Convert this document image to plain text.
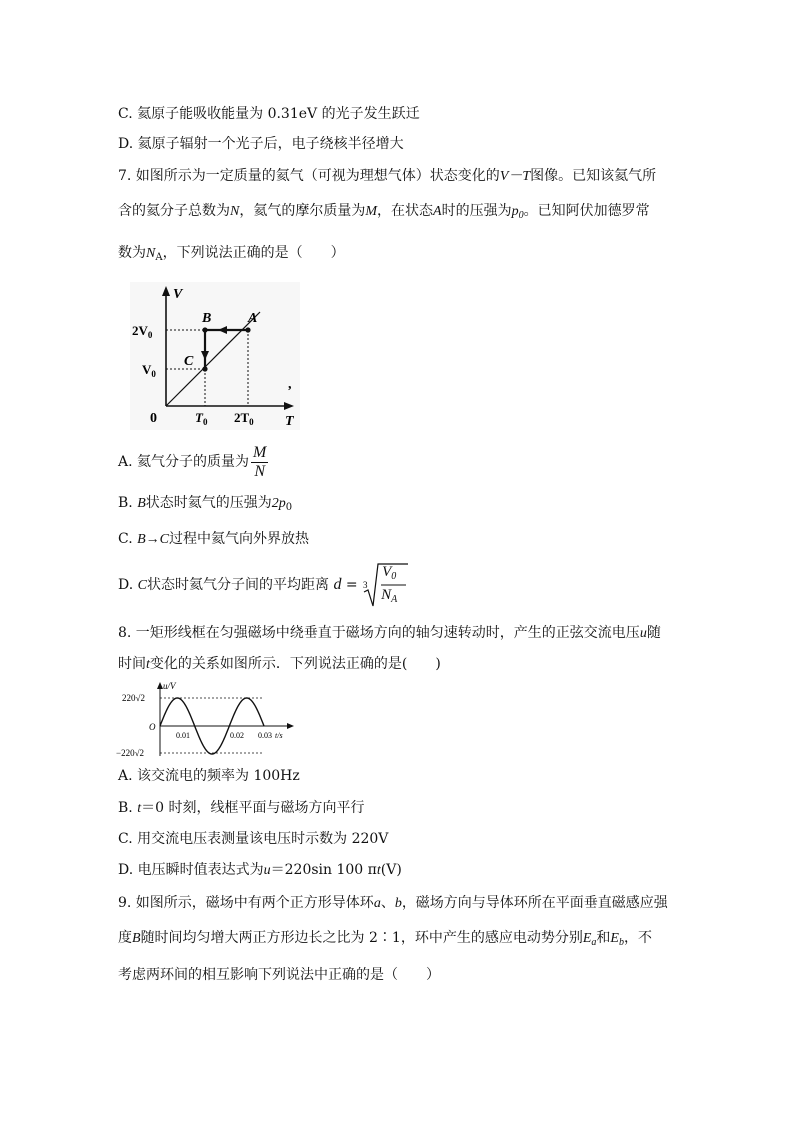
C. 氦原子能吸收能量为 0.31eV 的光子发生跃迁
D. 氦原子辐射一个光子后，电子绕核半径增大
7. 如图所示为一定质量的氦气（可视为理想气体）状态变化的V－T图像。已知该氦气所
含的氦分子总数为N，氦气的摩尔质量为M，在状态A时的压强为$p_0$。已知阿伏加德罗常
数为$N_A$，下列说法正确的是（　　）
V
T
0
$2V_0$
$V_0$
$T_0$ $2T_0$
A
B
C
,
A. 氦气分子的质量为 $\frac{M}{N}$
B. B状态时氦气的压强为$2p_0$
C. B→C过程中氦气向外界放热
D. C状态时氦气分子间的平均距离 d = 3
$V_0$
$N_A$
8. 一矩形线框在匀强磁场中绕垂直于磁场方向的轴匀速转动时，产生的正弦交流电压u随
时间t变化的关系如图所示．下列说法正确的是(　　)
u/V
220√2
−220√2
O
0.01	0.02 0.03 t/s
A. 该交流电的频率为 100Hz
B. t＝0 时刻，线框平面与磁场方向平行
C. 用交流电压表测量该电压时示数为 220V
D. 电压瞬时值表达式为u＝220sin 100 πt(V)
9. 如图所示，磁场中有两个正方形导体环a、b，磁场方向与导体环所在平面垂直磁感应强
度B随时间均匀增大两正方形边长之比为 2∶1，环中产生的感应电动势分别$E_a$和$E_b$，不
考虑两环间的相互影响下列说法中正确的是（　　）
